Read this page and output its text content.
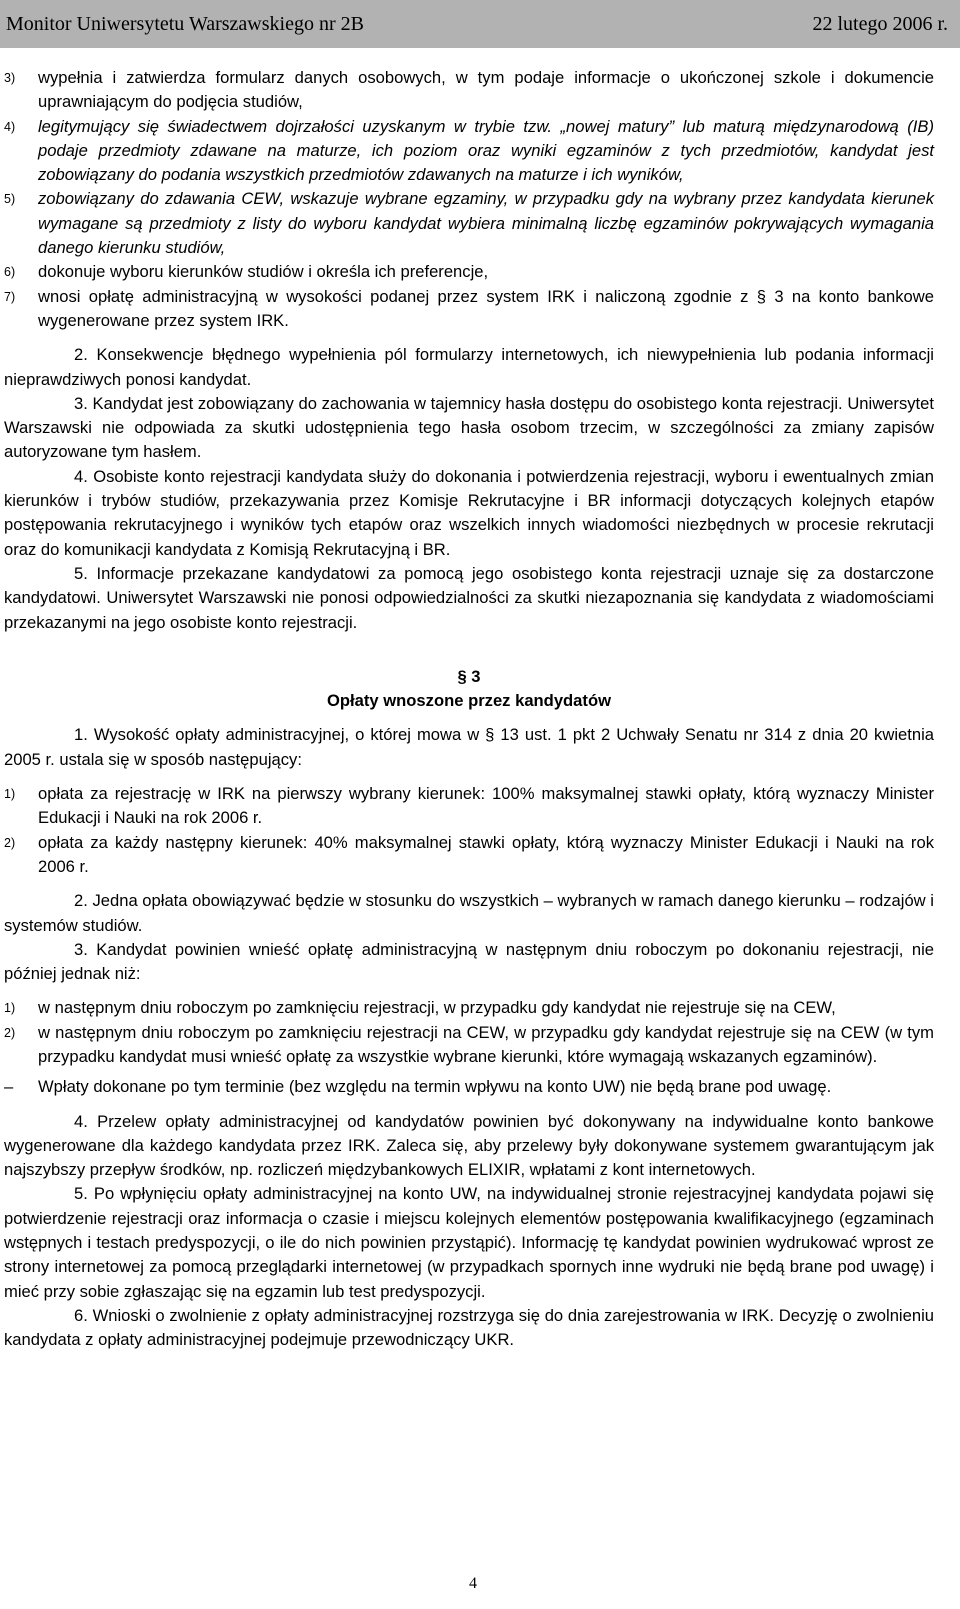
Monitor Uniwersytetu Warszawskiego nr 2B	22 lutego 2006 r.
3)	wypełnia i zatwierdza formularz danych osobowych, w tym podaje informacje o ukończonej szkole i dokumencie uprawniającym do podjęcia studiów,
4)	legitymujący się świadectwem dojrzałości uzyskanym w trybie tzw. „nowej matury” lub maturą międzynarodową (IB) podaje przedmioty zdawane na maturze, ich poziom oraz wyniki egzaminów z tych przedmiotów, kandydat jest zobowiązany do podania wszystkich przedmiotów zdawanych na maturze i ich wyników,
5)	zobowiązany do zdawania CEW, wskazuje wybrane egzaminy, w przypadku gdy na wybrany przez kandydata kierunek wymagane są przedmioty z listy do wyboru kandydat wybiera minimalną liczbę egzaminów pokrywających wymagania danego kierunku studiów,
6)	dokonuje wyboru kierunków studiów i określa ich preferencje,
7)	wnosi opłatę administracyjną w wysokości podanej przez system IRK i naliczoną zgodnie z § 3 na konto bankowe wygenerowane przez system IRK.

2. Konsekwencje błędnego wypełnienia pól formularzy internetowych, ich niewypełnienia lub podania informacji nieprawdziwych ponosi kandydat.

3. Kandydat jest zobowiązany do zachowania w tajemnicy hasła dostępu do osobistego konta rejestracji. Uniwersytet Warszawski nie odpowiada za skutki udostępnienia tego hasła osobom trzecim, w szczególności za zmiany zapisów autoryzowane tym hasłem.

4. Osobiste konto rejestracji kandydata służy do dokonania i potwierdzenia rejestracji, wyboru i ewentualnych zmian kierunków i trybów studiów, przekazywania przez Komisje Rekrutacyjne i BR informacji dotyczących kolejnych etapów postępowania rekrutacyjnego i wyników tych etapów oraz wszelkich innych wiadomości niezbędnych w procesie rekrutacji oraz do komunikacji kandydata z Komisją Rekrutacyjną i BR.

5. Informacje przekazane kandydatowi za pomocą jego osobistego konta rejestracji uznaje się za dostarczone kandydatowi. Uniwersytet Warszawski nie ponosi odpowiedzialności za skutki niezapoznania się kandydata z wiadomościami przekazanymi na jego osobiste konto rejestracji.

§ 3
Opłaty wnoszone przez kandydatów

1. Wysokość opłaty administracyjnej, o której mowa w § 13 ust. 1 pkt 2 Uchwały Senatu nr 314 z dnia 20 kwietnia 2005 r. ustala się w sposób następujący:

1)	opłata za rejestrację w IRK na pierwszy wybrany kierunek: 100% maksymalnej stawki opłaty, którą wyznaczy Minister Edukacji i Nauki na rok 2006 r.
2)	opłata za każdy następny kierunek: 40% maksymalnej stawki opłaty, którą wyznaczy Minister Edukacji i Nauki na rok 2006 r.

2. Jedna opłata obowiązywać będzie w stosunku do wszystkich – wybranych w ramach danego kierunku – rodzajów i systemów studiów.

3. Kandydat powinien wnieść opłatę administracyjną w następnym dniu roboczym po dokonaniu rejestracji, nie później jednak niż:

1)	w następnym dniu roboczym po zamknięciu rejestracji, w przypadku gdy kandydat nie rejestruje się na CEW,
2)	w następnym dniu roboczym po zamknięciu rejestracji na CEW, w przypadku gdy kandydat rejestruje się na CEW (w tym przypadku kandydat musi wnieść opłatę za wszystkie wybrane kierunki, które wymagają wskazanych egzaminów).
–	Wpłaty dokonane po tym terminie (bez względu na termin wpływu na konto UW) nie będą brane pod uwagę.

4. Przelew opłaty administracyjnej od kandydatów powinien być dokonywany na indywidualne konto bankowe wygenerowane dla każdego kandydata przez IRK. Zaleca się, aby przelewy były dokonywane systemem gwarantującym jak najszybszy przepływ środków, np. rozliczeń międzybankowych ELIXIR, wpłatami z kont internetowych.

5. Po wpłynięciu opłaty administracyjnej na konto UW, na indywidualnej stronie rejestracyjnej kandydata pojawi się potwierdzenie rejestracji oraz informacja o czasie i miejscu kolejnych elementów postępowania kwalifikacyjnego (egzaminach wstępnych i testach predyspozycji, o ile do nich powinien przystąpić). Informację tę kandydat powinien wydrukować wprost ze strony internetowej za pomocą przeglądarki internetowej (w przypadkach spornych inne wydruki nie będą brane pod uwagę) i mieć przy sobie zgłaszając się na egzamin lub test predyspozycji.

6. Wnioski o zwolnienie z opłaty administracyjnej rozstrzyga się do dnia zarejestrowania w IRK. Decyzję o zwolnieniu kandydata z opłaty administracyjnej podejmuje przewodniczący UKR.

4
